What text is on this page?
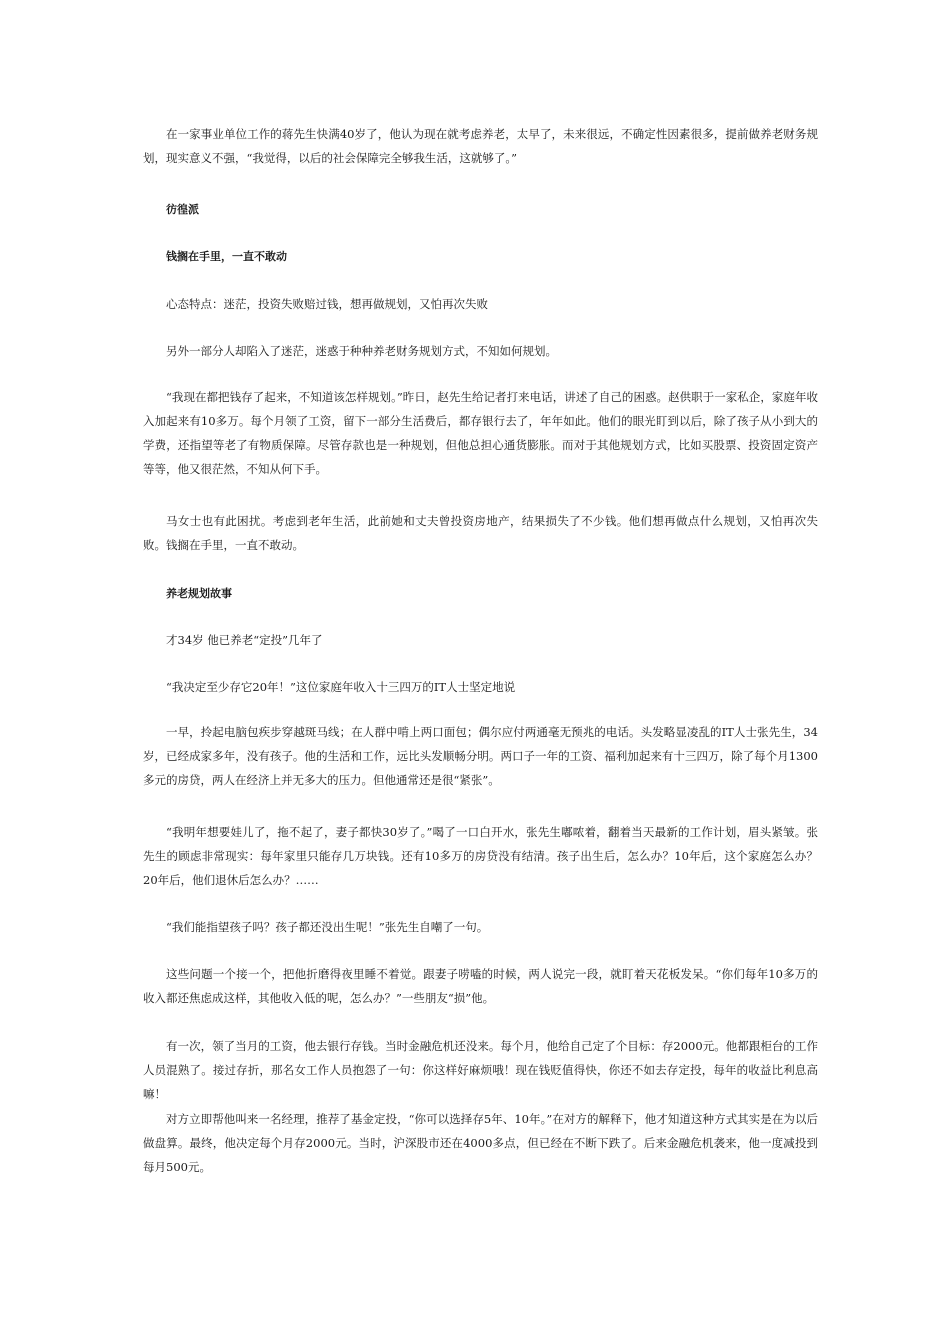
在一家事业单位工作的蒋先生快满40岁了，他认为现在就考虑养老，太早了，未来很远，不确定性因素很多，提前做养老财务规划，现实意义不强，“我觉得，以后的社会保障完全够我生活，这就够了。”

彷徨派

钱搁在手里，一直不敢动

心态特点：迷茫，投资失败赔过钱，想再做规划，又怕再次失败

另外一部分人却陷入了迷茫，迷惑于种种养老财务规划方式，不知如何规划。

“我现在都把钱存了起来，不知道该怎样规划。”昨日，赵先生给记者打来电话，讲述了自己的困惑。赵供职于一家私企，家庭年收入加起来有10多万。每个月领了工资，留下一部分生活费后，都存银行去了，年年如此。他们的眼光盯到以后，除了孩子从小到大的学费，还指望等老了有物质保障。尽管存款也是一种规划，但他总担心通货膨胀。而对于其他规划方式，比如买股票、投资固定资产等等，他又很茫然，不知从何下手。

马女士也有此困扰。考虑到老年生活，此前她和丈夫曾投资房地产，结果损失了不少钱。他们想再做点什么规划，又怕再次失败。钱搁在手里，一直不敢动。

养老规划故事

才34岁 他已养老“定投”几年了

“我决定至少存它20年！”这位家庭年收入十三四万的IT人士坚定地说

一早，拎起电脑包疾步穿越斑马线；在人群中啃上两口面包；偶尔应付两通毫无预兆的电话。头发略显凌乱的IT人士张先生，34岁，已经成家多年，没有孩子。他的生活和工作，远比头发顺畅分明。两口子一年的工资、福利加起来有十三四万，除了每个月1300多元的房贷，两人在经济上并无多大的压力。但他通常还是很“紧张”。

“我明年想要娃儿了，拖不起了，妻子都快30岁了。”喝了一口白开水，张先生嘟哝着，翻着当天最新的工作计划，眉头紧皱。张先生的顾虑非常现实：每年家里只能存几万块钱。还有10多万的房贷没有结清。孩子出生后，怎么办？10年后，这个家庭怎么办？20年后，他们退休后怎么办？……

“我们能指望孩子吗？孩子都还没出生呢！”张先生自嘲了一句。

这些问题一个接一个，把他折磨得夜里睡不着觉。跟妻子唠嗑的时候，两人说完一段，就盯着天花板发呆。“你们每年10多万的收入都还焦虑成这样，其他收入低的呢，怎么办？”一些朋友“损”他。

有一次，领了当月的工资，他去银行存钱。当时金融危机还没来。每个月，他给自己定了个目标：存2000元。他都跟柜台的工作人员混熟了。接过存折，那名女工作人员抱怨了一句：你这样好麻烦哦！现在钱贬值得快，你还不如去存定投，每年的收益比利息高嘛！

对方立即帮他叫来一名经理，推荐了基金定投，“你可以选择存5年、10年。”在对方的解释下，他才知道这种方式其实是在为以后做盘算。最终，他决定每个月存2000元。当时，沪深股市还在4000多点，但已经在不断下跌了。后来金融危机袭来，他一度减投到每月500元。
